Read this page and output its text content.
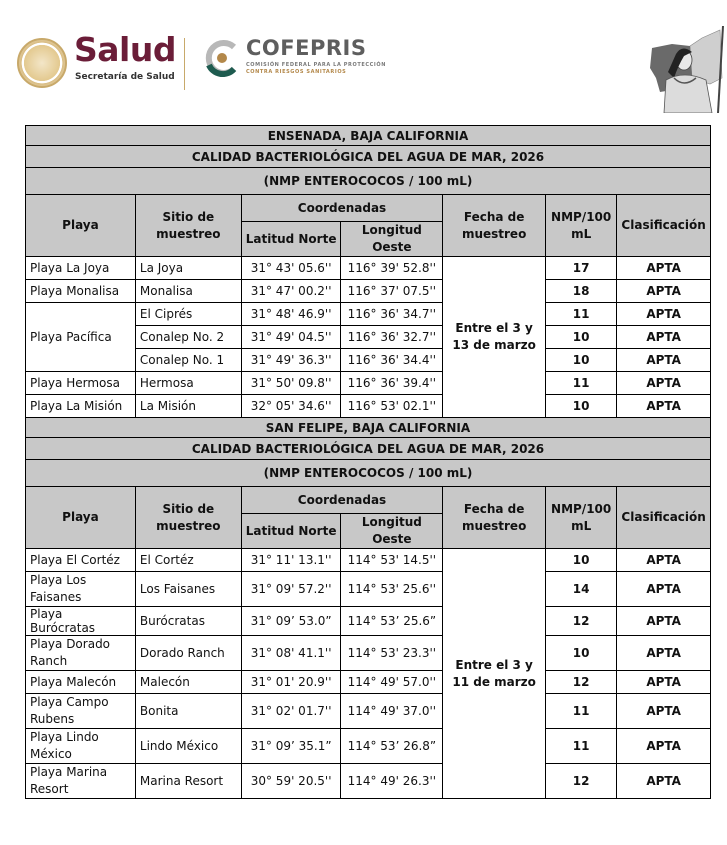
Salud
Secretaría de Salud
COFEPRIS
COMISIÓN FEDERAL PARA LA PROTECCIÓN
CONTRA RIESGOS SANITARIOS
ENSENADA, BAJA CALIFORNIA						
CALIDAD BACTERIOLÓGICA DEL AGUA DE MAR, 2026						
(NMP ENTEROCOCOS / 100 mL)						
Playa	Sitio de muestreo	Coordenadas		Fecha de muestreo	NMP/100 mL	Clasificación
		Latitud Norte	Longitud Oeste			
Playa La Joya	La Joya	31° 43' 05.6''	116° 39' 52.8''	Entre el 3 y 13 de marzo	17	APTA
Playa Monalisa	Monalisa	31° 47' 00.2''	116° 37' 07.5''		18	APTA
Playa Pacífica	El Ciprés	31° 48' 46.9''	116° 36' 34.7''		11	APTA
	Conalep No. 2	31° 49' 04.5''	116° 36' 32.7''		10	APTA
	Conalep No. 1	31° 49' 36.3''	116° 36' 34.4''		10	APTA
Playa Hermosa	Hermosa	31° 50' 09.8''	116° 36' 39.4''		11	APTA
Playa La Misión	La Misión	32° 05' 34.6''	116° 53' 02.1''		10	APTA
SAN FELIPE, BAJA CALIFORNIA						
CALIDAD BACTERIOLÓGICA DEL AGUA DE MAR, 2026						
(NMP ENTEROCOCOS / 100 mL)						
Playa	Sitio de muestreo	Coordenadas		Fecha de muestreo	NMP/100 mL	Clasificación
		Latitud Norte	Longitud Oeste			
Playa El Cortéz	El Cortéz	31° 11' 13.1''	114° 53' 14.5''	Entre el 3 y 11 de marzo	10	APTA
Playa Los Faisanes	Los Faisanes	31° 09' 57.2''	114° 53' 25.6''		14	APTA
Playa Burócratas	Burócratas	31° 09’ 53.0”	114° 53’ 25.6”		12	APTA
Playa Dorado Ranch	Dorado Ranch	31° 08' 41.1''	114° 53' 23.3''		10	APTA
Playa Malecón	Malecón	31° 01' 20.9''	114° 49' 57.0''		12	APTA
Playa Campo Rubens	Bonita	31° 02' 01.7''	114° 49' 37.0''		11	APTA
Playa Lindo México	Lindo México	31° 09’ 35.1”	114° 53’ 26.8”		11	APTA
Playa Marina Resort	Marina Resort	30° 59' 20.5''	114° 49' 26.3''		12	APTA
